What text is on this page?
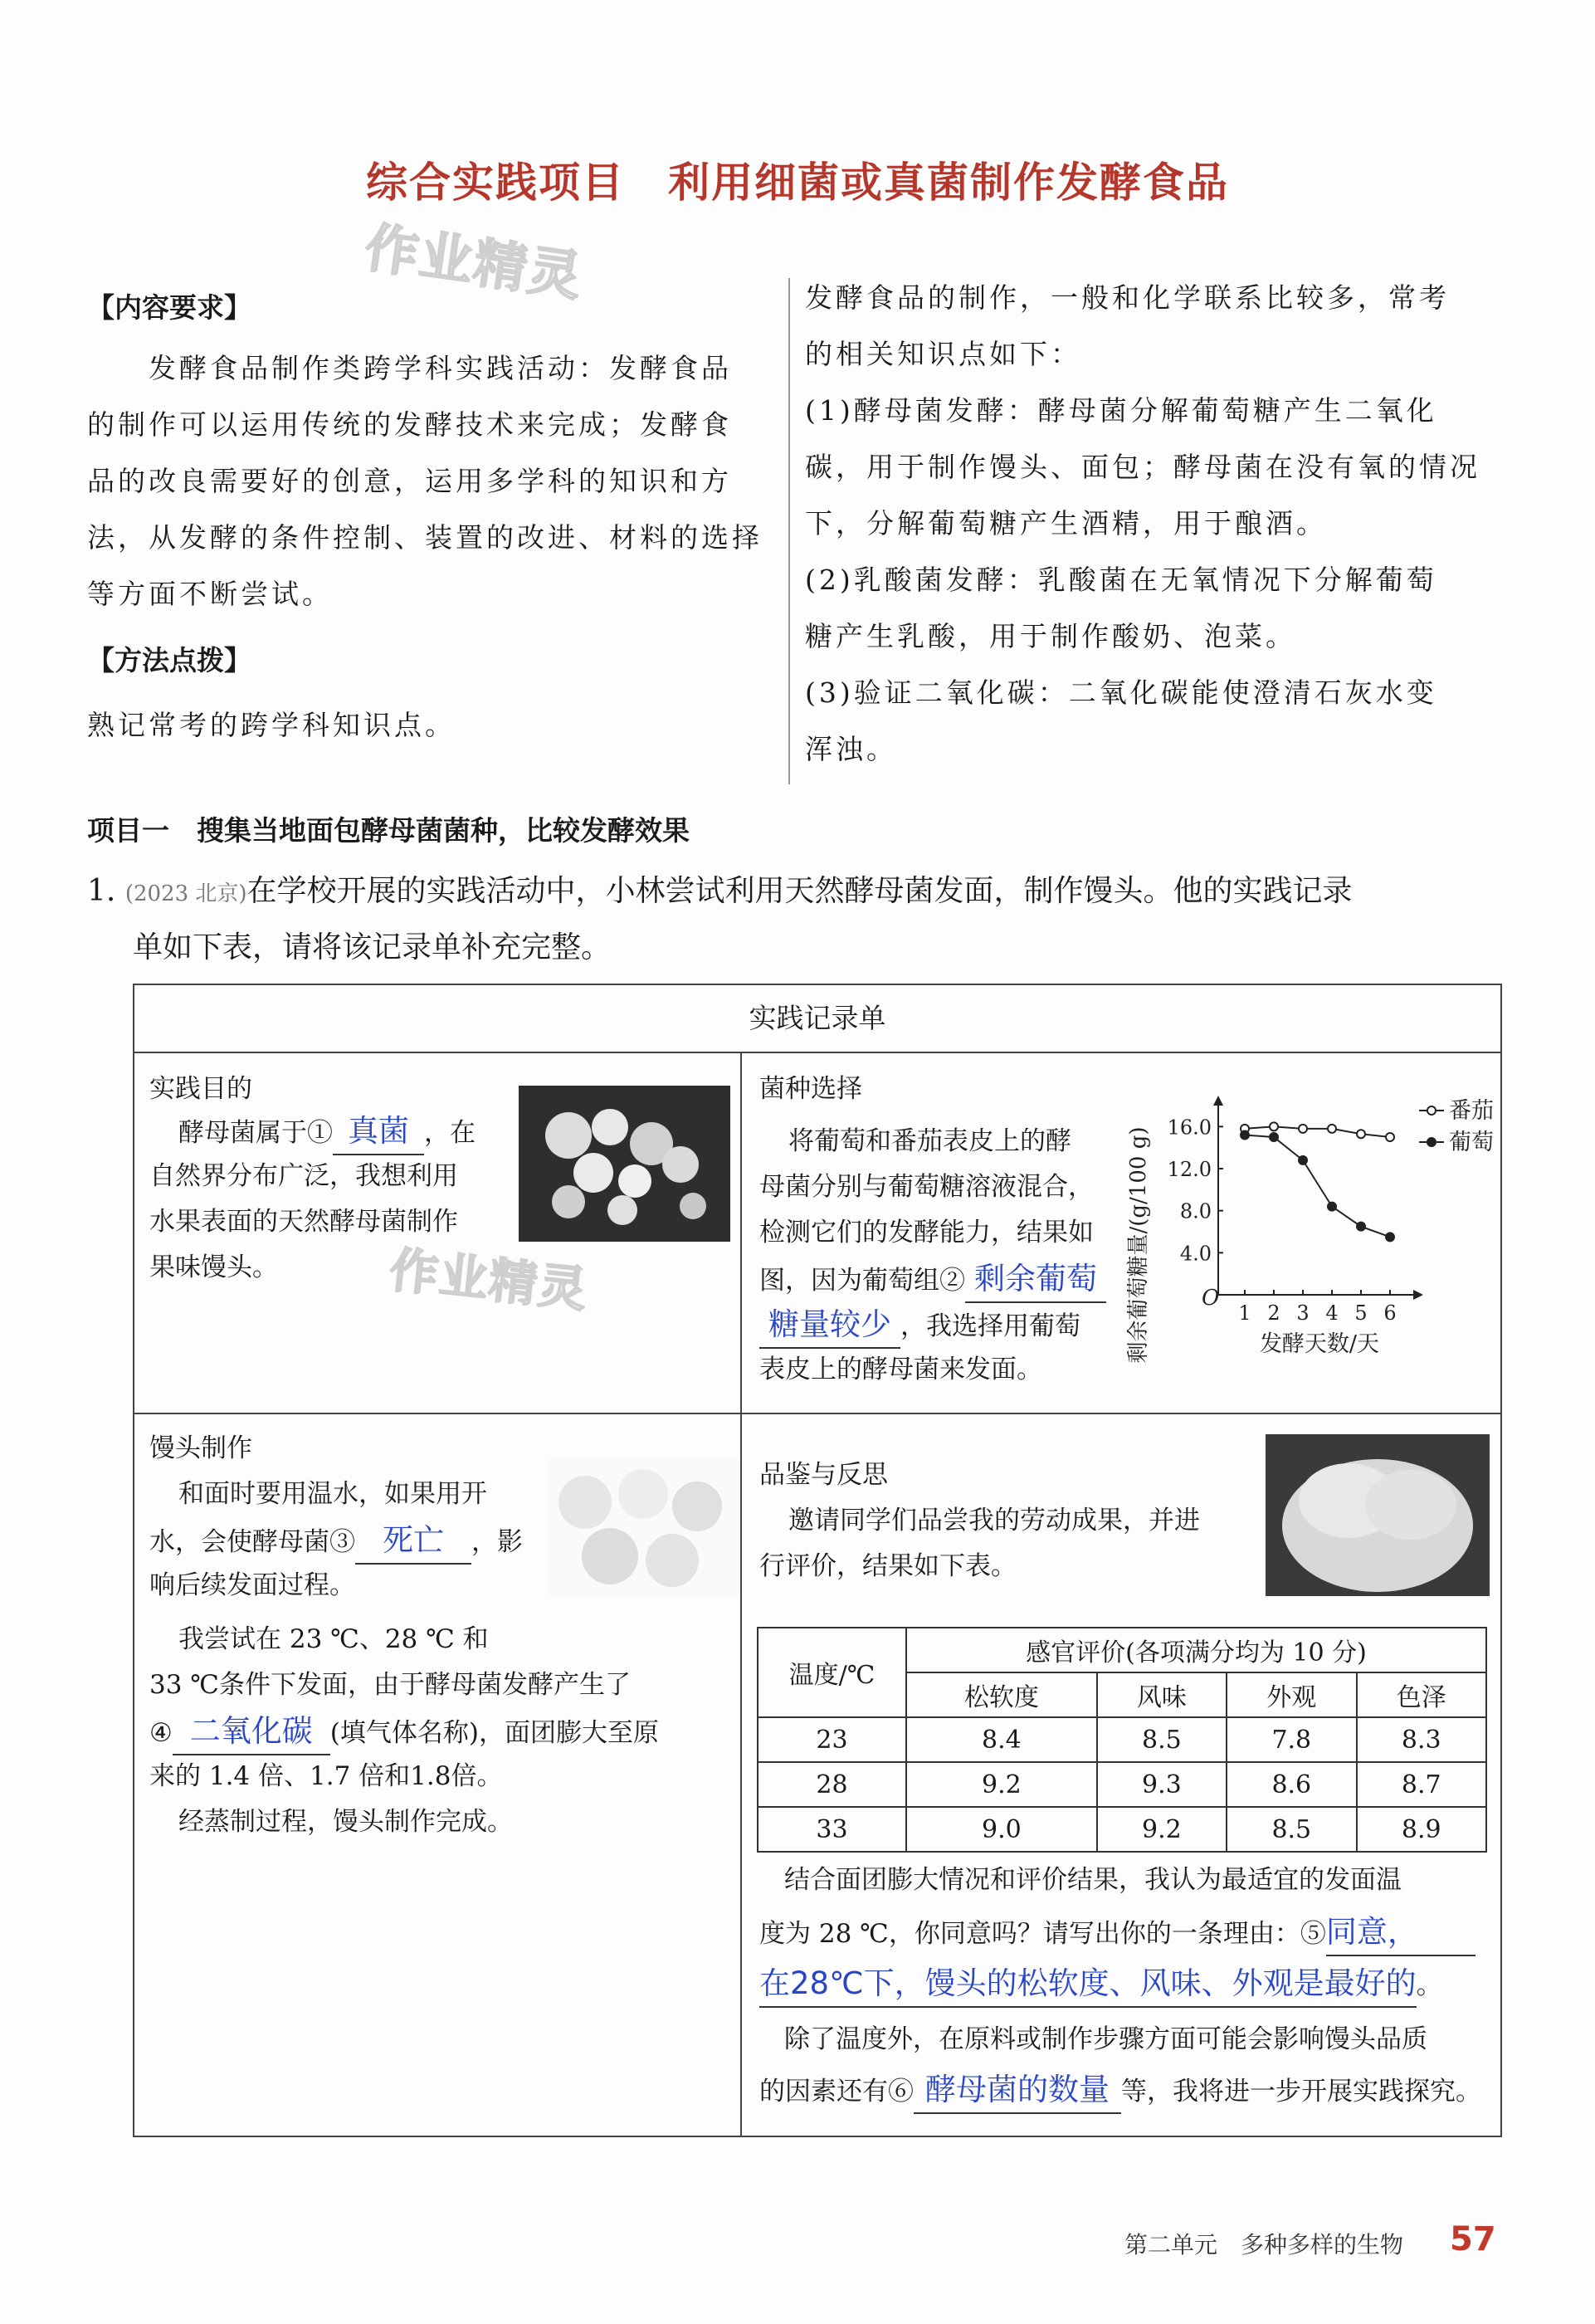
综合实践项目　利用细菌或真菌制作发酵食品
作业精灵
【内容要求】
　　发酵食品制作类跨学科实践活动：发酵食品
的制作可以运用传统的发酵技术来完成；发酵食
品的改良需要好的创意，运用多学科的知识和方
法，从发酵的条件控制、装置的改进、材料的选择
等方面不断尝试。
【方法点拨】
熟记常考的跨学科知识点。
发酵食品的制作，一般和化学联系比较多，常考
的相关知识点如下：
(1)酵母菌发酵：酵母菌分解葡萄糖产生二氧化
碳，用于制作馒头、面包；酵母菌在没有氧的情况
下，分解葡萄糖产生酒精，用于酿酒。
(2)乳酸菌发酵：乳酸菌在无氧情况下分解葡萄
糖产生乳酸，用于制作酸奶、泡菜。
(3)验证二氧化碳：二氧化碳能使澄清石灰水变
浑浊。
项目一　搜集当地面包酵母菌菌种，比较发酵效果
1. (2023 北京)在学校开展的实践活动中，小林尝试利用天然酵母菌发面，制作馒头。他的实践记录
单如下表，请将该记录单补充完整。
实践记录单
实践目的
酵母菌属于① 真菌 ，在
自然界分布广泛，我想利用
水果表面的天然酵母菌制作
果味馒头。 作业精灵
菌种选择
将葡萄和番茄表皮上的酵
母菌分别与葡萄糖溶液混合，
检测它们的发酵能力，结果如
图，因为葡萄组② 剩余葡萄
糖量较少 ，我选择用葡萄
表皮上的酵母菌来发面。
剩余葡萄糖量/(g/100 g)	发酵天数/天
O
16.0
12.0
8.0
4.0
1 2 3 4 5 6
番茄
葡萄
馒头制作
和面时要用温水，如果用开
水，会使酵母菌③ 死亡 ，影
响后续发面过程。
我尝试在 23 ℃、28 ℃ 和
33 ℃条件下发面，由于酵母菌发酵产生了
④ 二氧化碳 (填气体名称)，面团膨大至原
来的 1.4 倍、1.7 倍和1.8倍。
经蒸制过程，馒头制作完成。
品鉴与反思
邀请同学们品尝我的劳动成果，并进
行评价，结果如下表。
温度/℃	感官评价(各项满分均为 10 分)			
	松软度	风味	外观	色泽
23	8.4	8.5	7.8	8.3
28	9.2	9.3	8.6	8.7
33	9.0	9.2	8.5	8.9
结合面团膨大情况和评价结果，我认为最适宜的发面温
度为 28 ℃，你同意吗？请写出你的一条理由：⑤同意，
在28℃下，馒头的松软度、风味、外观是最好的。
除了温度外，在原料或制作步骤方面可能会影响馒头品质
的因素还有⑥ 酵母菌的数量 等，我将进一步开展实践探究。
第二单元　多种多样的生物 57
